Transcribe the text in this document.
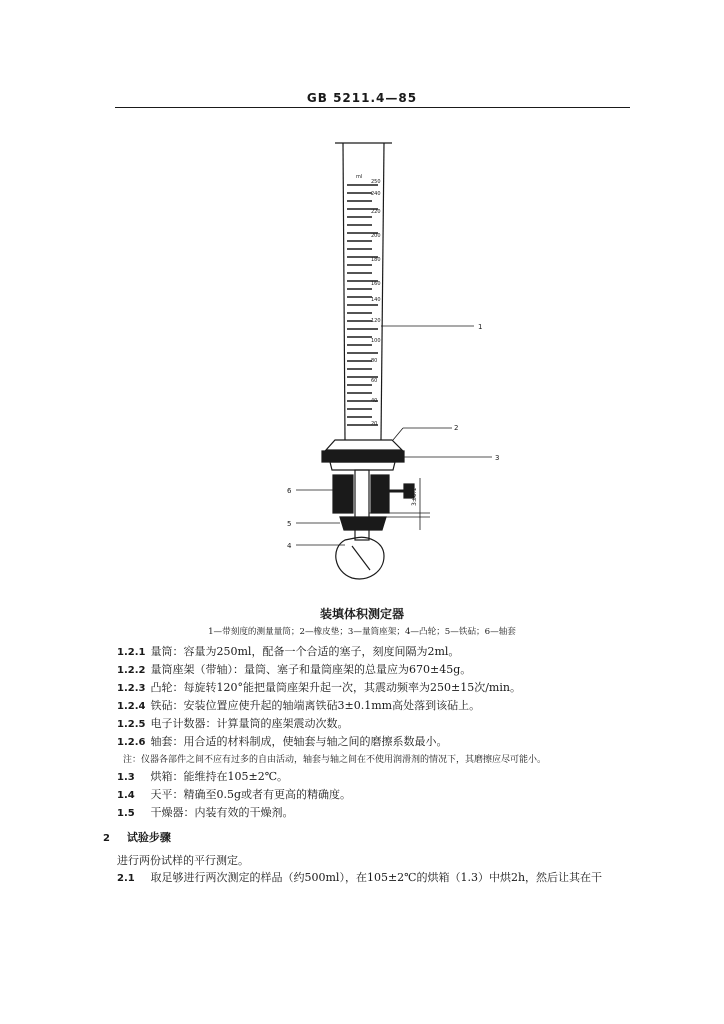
GB 5211.4—85
ml
250
240
220
200
180
160
140
120
100
80
60
40
20
1
2
3
4
5
6	3±0.1
装填体积测定器
1—带刻度的测量量筒；2—橡皮垫；3—量筒座架；4—凸轮；5—铁砧；6—轴套
1.2.1 量筒：容量为250ml，配备一个合适的塞子，刻度间隔为2ml。
1.2.2 量筒座架（带轴）：量筒、塞子和量筒座架的总量应为670±45g。
1.2.3 凸轮：每旋转120°能把量筒座架升起一次，其震动频率为250±15次/min。
1.2.4 铁砧：安装位置应使升起的轴端离铁砧3±0.1mm高处落到该砧上。
1.2.5 电子计数器：计算量筒的座架震动次数。
1.2.6 轴套：用合适的材料制成，使轴套与轴之间的磨擦系数最小。
注：仪器各部件之间不应有过多的自由活动，轴套与轴之间在不使用润滑剂的情况下，其磨擦应尽可能小。
1.3 烘箱：能维持在105±2℃。
1.4 天平：精确至0.5g或者有更高的精确度。
1.5 干燥器：内装有效的干燥剂。
2 试验步骤
进行两份试样的平行测定。
2.1 取足够进行两次测定的样品（约500ml），在105±2℃的烘箱（1.3）中烘2h，然后让其在干
